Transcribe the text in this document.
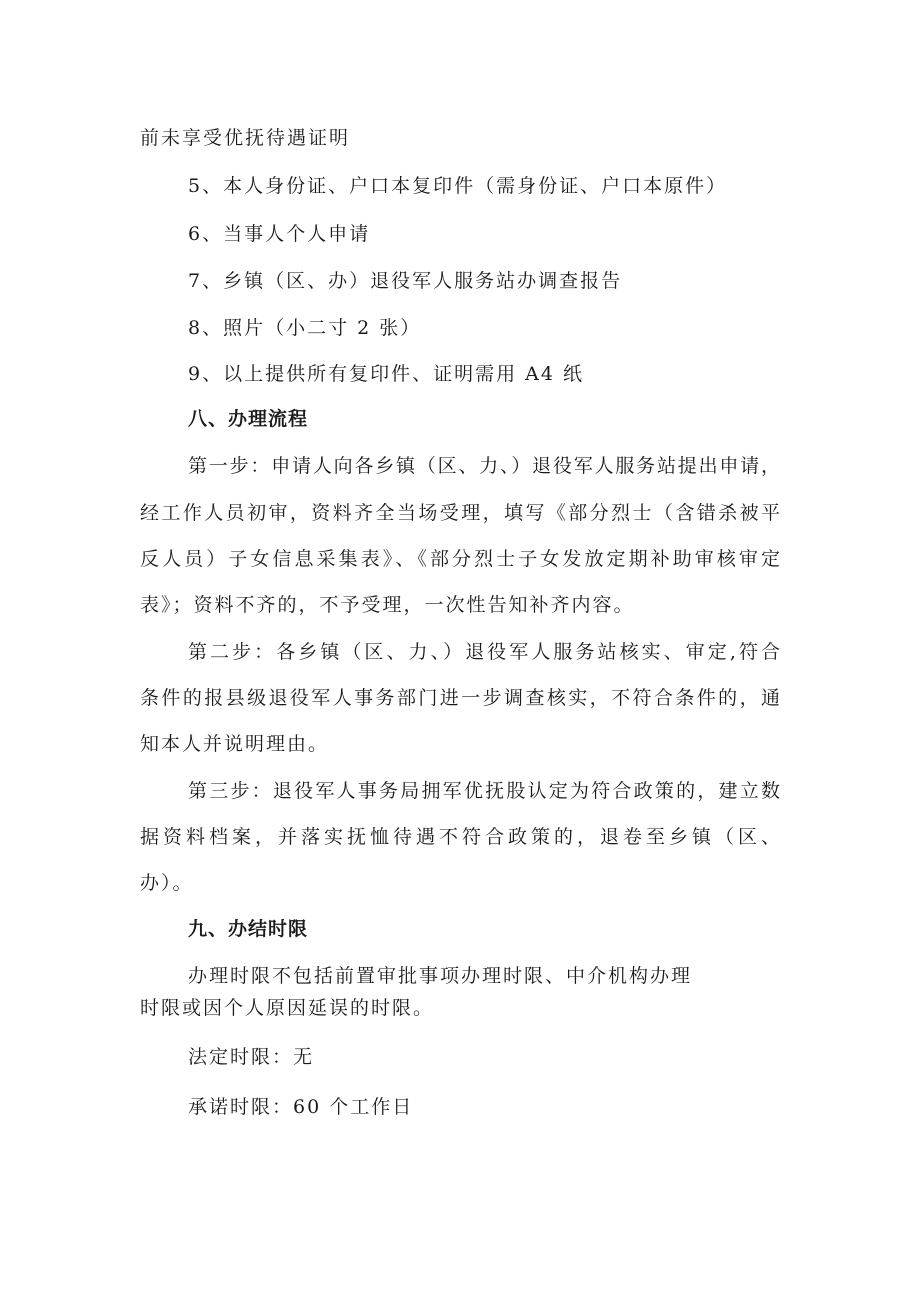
前未享受优抚待遇证明
5、本人身份证、户口本复印件（需身份证、户口本原件）
6、当事人个人申请
7、乡镇（区、办）退役军人服务站办调查报告
8、照片（小二寸 2 张）
9、以上提供所有复印件、证明需用 A4 纸
八、办理流程
第一步：申请人向各乡镇（区、力、）退役军人服务站提出申请，
经工作人员初审，资料齐全当场受理，填写《部分烈士（含错杀被平
反人员）子女信息采集表》、《部分烈士子女发放定期补助审核审定
表》；资料不齐的，不予受理，一次性告知补齐内容。
第二步：各乡镇（区、力、）退役军人服务站核实、审定,符合
条件的报县级退役军人事务部门进一步调查核实，不符合条件的，通
知本人并说明理由。
第三步：退役军人事务局拥军优抚股认定为符合政策的，建立数
据资料档案，并落实抚恤待遇不符合政策的，退卷至乡镇（区、
办）。
九、办结时限
办理时限不包括前置审批事项办理时限、中介机构办理
时限或因个人原因延误的时限。
法定时限：无
承诺时限：60 个工作日
